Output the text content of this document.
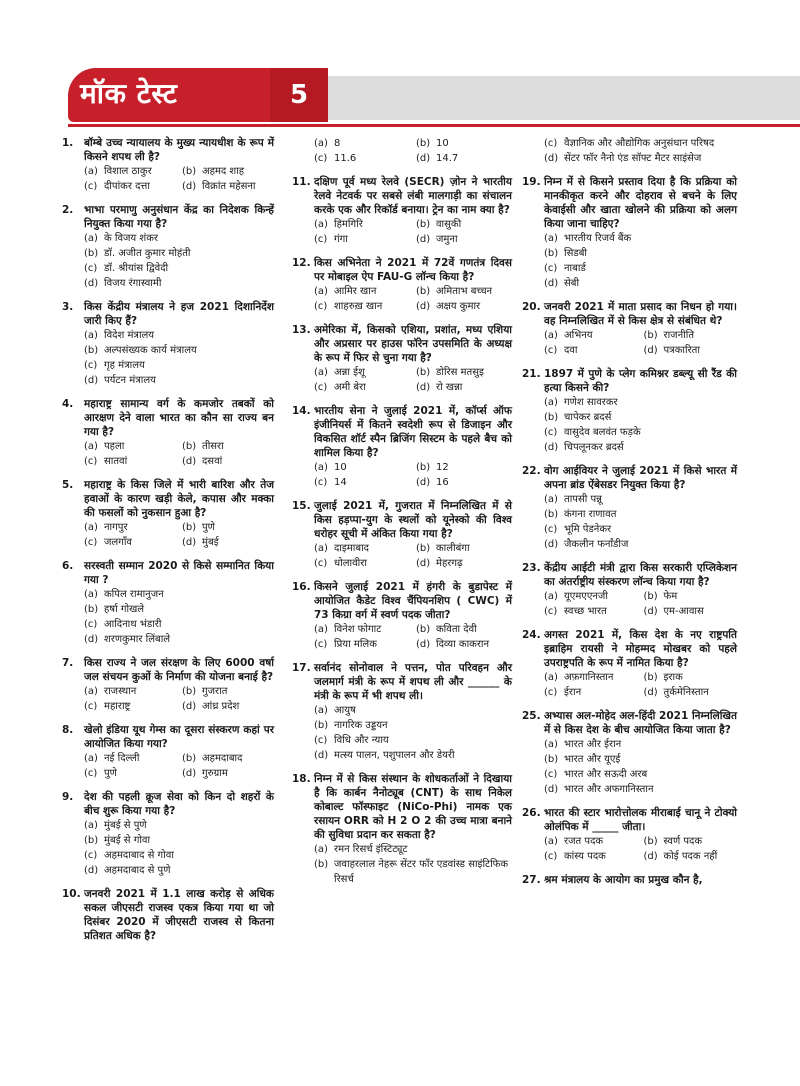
मॉक टेस्ट	5
1.	बॉम्बे उच्च न्यायालय के मुख्य न्यायधीश के रूप में किसने शपथ ली है?
(a) विशाल ठाकुर	(b) अहमद शाह
(c) दीपांकर दत्ता	(d) विक्रांत महेसना
2.	भाभा परमाणु अनुसंधान केंद्र का निदेशक किन्हें नियुक्त किया गया है?
(a) के विजय शंकर
(b) डॉ. अजीत कुमार मोहंती
(c) डॉ. श्रीयांस द्विवेदी
(d) विजय रंगास्वामी
3.	किस केंद्रीय मंत्रालय ने हज 2021 दिशानिर्देश जारी किए हैं?
(a) विदेश मंत्रालय
(b) अल्पसंख्यक कार्य मंत्रालय
(c) गृह मंत्रालय
(d) पर्यटन मंत्रालय
4.	महाराष्ट्र सामान्य वर्ग के कमजोर तबकों को आरक्षण देने वाला भारत का कौन सा राज्य बन गया है?
(a) पहला	(b) तीसरा
(c) सातवां	(d) दसवां
5.	महाराष्ट्र के किस जिले में भारी बारिश और तेज हवाओं के कारण खड़ी केले, कपास और मक्का की फसलों को नुकसान हुआ है?
(a) नागपुर	(b) पुणे
(c) जलगाँव	(d) मुंबई
6.	सरस्वती सम्मान 2020 से किसे सम्मानित किया गया ?
(a) कपिल रामानुजन
(b) हर्षा गोखले
(c) आदिनाथ भंडारी
(d) शरणकुमार लिंबाले
7.	किस राज्य ने जल संरक्षण के लिए 6000 वर्षा जल संचयन कुओं के निर्माण की योजना बनाई है?
(a) राजस्थान	(b) गुजरात
(c) महाराष्ट्र	(d) आंध्र प्रदेश
8.	खेलो इंडिया यूथ गेम्स का दूसरा संस्करण कहां पर आयोजित किया गया?
(a) नई दिल्ली	(b) अहमदाबाद
(c) पुणे	(d) गुरुग्राम
9.	देश की पहली क्रूज सेवा को किन दो शहरों के बीच शुरू किया गया है?
(a) मुंबई से पुणे
(b) मुंबई से गोवा
(c) अहमदाबाद से गोवा
(d) अहमदाबाद से पुणे
10. जनवरी 2021 में 1.1 लाख करोड़ से अधिक सकल जीएसटी राजस्व एकत्र किया गया था जो दिसंबर 2020 में जीएसटी राजस्व से कितना प्रतिशत अधिक है?
(a) 8	(b) 10
(c) 11.6	(d) 14.7
11. दक्षिण पूर्व मध्य रेलवे (SECR) ज़ोन ने भारतीय रेलवे नेटवर्क पर सबसे लंबी मालगाड़ी का संचालन करके एक और रिकॉर्ड बनाया। ट्रेन का नाम क्या है?
(a) हिमगिरि	(b) वासुकी
(c) गंगा	(d) जमुना
12. किस अभिनेता ने 2021 में 72वें गणतंत्र दिवस पर मोबाइल ऐप FAU-G लॉन्च किया है?
(a) आमिर खान	(b) अमिताभ बच्चन
(c) शाहरुख़ खान	(d) अक्षय कुमार
13. अमेरिका में, किसको एशिया, प्रशांत, मध्य एशिया और अप्रसार पर हाउस फॉरेन उपसमिति के अध्यक्ष के रूप में फिर से चुना गया है?
(a) अन्ना ईशू	(b) डोरिस मतसुइ
(c) अमी बेरा	(d) रो खन्ना
14. भारतीय सेना ने जुलाई 2021 में, कॉर्प्स ऑफ इंजीनियर्स में कितने स्वदेशी रूप से डिजाइन और विकसित शॉर्ट स्पैन ब्रिजिंग सिस्टम के पहले बैच को शामिल किया है?
(a) 10	(b) 12
(c) 14	(d) 16
15. जुलाई 2021 में, गुजरात में निम्नलिखित में से किस हड़प्पा-युग के स्थलों को यूनेस्को की विश्व धरोहर सूची में अंकित किया गया है?
(a) दाइमाबाद	(b) कालीबंगा
(c) धोलावीरा	(d) मेहरगढ़
16. किसने जुलाई 2021 में हंगरी के बुडापेस्ट में आयोजित कैडेट विश्व चैंपियनशिप ( CWC) में 73 किग्रा वर्ग में स्वर्ण पदक जीता?
(a) विनेश फोगाट	(b) कविता देवी
(c) प्रिया मलिक	(d) दिव्या काकरान
17. सर्वानंद सोनोवाल ने पत्तन, पोत परिवहन और जलमार्ग मंत्री के रूप में शपथ ली और ______ के मंत्री के रूप में भी शपथ ली।
(a) आयुष
(b) नागरिक उड्डयन
(c) विधि और न्याय
(d) मत्स्य पालन, पशुपालन और डेयरी
18. निम्न में से किस संस्थान के शोधकर्ताओं ने दिखाया है कि कार्बन नैनोट्यूब (CNT) के साथ निकेल कोबाल्ट फॉस्फाइट (NiCo-Phi) नामक एक रसायन ORR को H 2 O 2 की उच्च मात्रा बनाने की सुविधा प्रदान कर सकता है?
(a) रमन रिसर्च इंस्टिट्यूट
(b) जवाहरलाल नेहरू सेंटर फॉर एडवांस्ड साइंटिफिक रिसर्च
(c) वैज्ञानिक और औद्योगिक अनुसंधान परिषद
(d) सेंटर फॉर नैनो एंड सॉफ्ट मैटर साइंसेज
19. निम्न में से किसने प्रस्ताव दिया है कि प्रक्रिया को मानकीकृत करने और दोहराव से बचने के लिए केवाईसी और खाता खोलने की प्रक्रिया को अलग किया जाना चाहिए?
(a) भारतीय रिजर्व बैंक
(b) सिडबी
(c) नाबार्ड
(d) सेबी
20. जनवरी 2021 में माता प्रसाद का निधन हो गया। वह निम्नलिखित में से किस क्षेत्र से संबंधित थे?
(a) अभिनय	(b) राजनीति
(c) दवा	(d) पत्रकारिता
21. 1897 में पुणे के प्लेग कमिश्नर डब्ल्यू सी रैंड की हत्या किसने की?
(a) गणेश सावरकर
(b) चापेकर ब्रदर्स
(c) वासुदेव बलवंत फड़के
(d) चिपलूनकर ब्रदर्स
22. वोग आईवियर ने जुलाई 2021 में किसे भारत में अपना ब्रांड ऐंबेसडर नियुक्त किया है?
(a) तापसी पन्नू
(b) कंगना राणावत
(c) भूमि पेडनेकर
(d) जैकलीन फर्नांडीज
23. केंद्रीय आईटी मंत्री द्वारा किस सरकारी एप्लिकेशन का अंतर्राष्ट्रीय संस्करण लॉन्च किया गया है?
(a) यूएमएएनजी	(b) फेम
(c) स्वच्छ भारत	(d) एम-आवास
24. अगस्त 2021 में, किस देश के नए राष्ट्रपति इब्राहिम रायसी ने मोहम्मद मोखबर को पहले उपराष्ट्रपति के रूप में नामित किया है?
(a) अफ़गानिस्तान	(b) इराक
(c) ईरान	(d) तुर्कमेनिस्तान
25. अभ्यास अल-मोहेद अल-हिंदी 2021 निम्नलिखित में से किस देश के बीच आयोजित किया जाता है?
(a) भारत और ईरान
(b) भारत और यूएई
(c) भारत और सऊदी अरब
(d) भारत और अफगानिस्तान
26. भारत की स्टार भारोत्तोलक मीराबाई चानू ने टोक्यो ओलंपिक में _____ जीता।
(a) रजत पदक	(b) स्वर्ण पदक
(c) कांस्य पदक	(d) कोई पदक नहीं
27. श्रम मंत्रालय के आयोग का प्रमुख कौन है,
